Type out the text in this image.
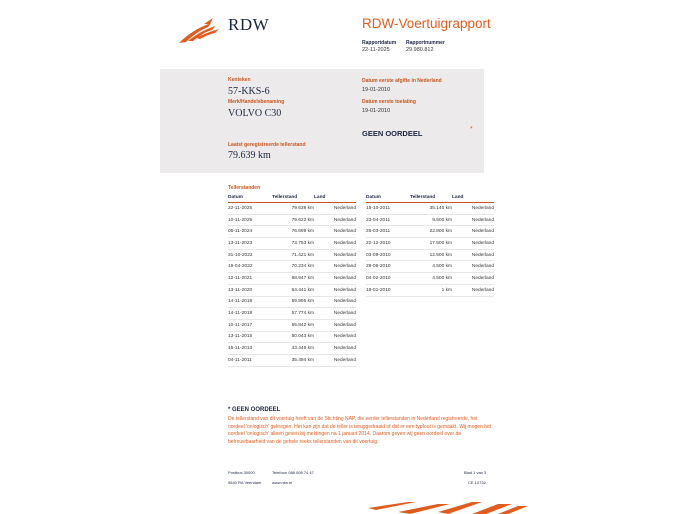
RDW	RDW-Voertuigrapport
Rapportdatum
22-11-2025
Rapportnummer
29.980.812
Kenteken
57-KKS-6
Merk/Handelsbenaming
VOLVO C30
Laatst geregistreerde tellerstand
79.639 km
Datum eerste afgifte in Nederland
19-01-2010
Datum eerste toelating
19-01-2010
GEEN OORDEEL	*
Tellerstanden
Datum	Tellerstand	Land
22-11-2025	79.639 km	Nederland
10-11-2025	79.622 km	Nederland
05-11-2024	76.699 km	Nederland
13-11-2023	73.753 km	Nederland
31-10-2022	71.421 km	Nederland
19-04-2022	70.234 km	Nederland
12-11-2021	68.947 km	Nederland
13-11-2020	64.441 km	Nederland
14-11-2019	59.995 km	Nederland
14-11-2018	57.774 km	Nederland
10-11-2017	55.842 km	Nederland
13-11-2015	50.043 km	Nederland
15-11-2013	43.446 km	Nederland
04-11-2011	35.494 km	Nederland
Datum	Tellerstand	Land
15-10-2011	35.140 km	Nederland
23-04-2011	9.500 km	Nederland
26-03-2011	22.800 km	Nederland
22-12-2010	17.500 km	Nederland
03-09-2010	12.500 km	Nederland
29-06-2010	4.500 km	Nederland
04-02-2010	4.500 km	Nederland
19-01-2010	1 km	Nederland
* GEEN OORDEEL
De tellerstand van dit voertuig heeft van de Stichting NAP, die eerder tellerstanden in Nederland registreerde, het oordeel 'onlogisch' gekregen. Het kan zijn dat de teller is teruggedraaid of dat er een typfout is gemaakt. Wij mogen het oordeel 'onlogisch' alleen geven bij meldingen na 1 januari 2014. Daarom geven wij geen oordeel over de betrouwbaarheid van de gehele reeks tellerstanden van dit voertuig.
Postbus 30000
9640 RA Veendam
Telefoon 088 008 74 47
www.rdw.nl
Blad 1 van 3
CE 10732
